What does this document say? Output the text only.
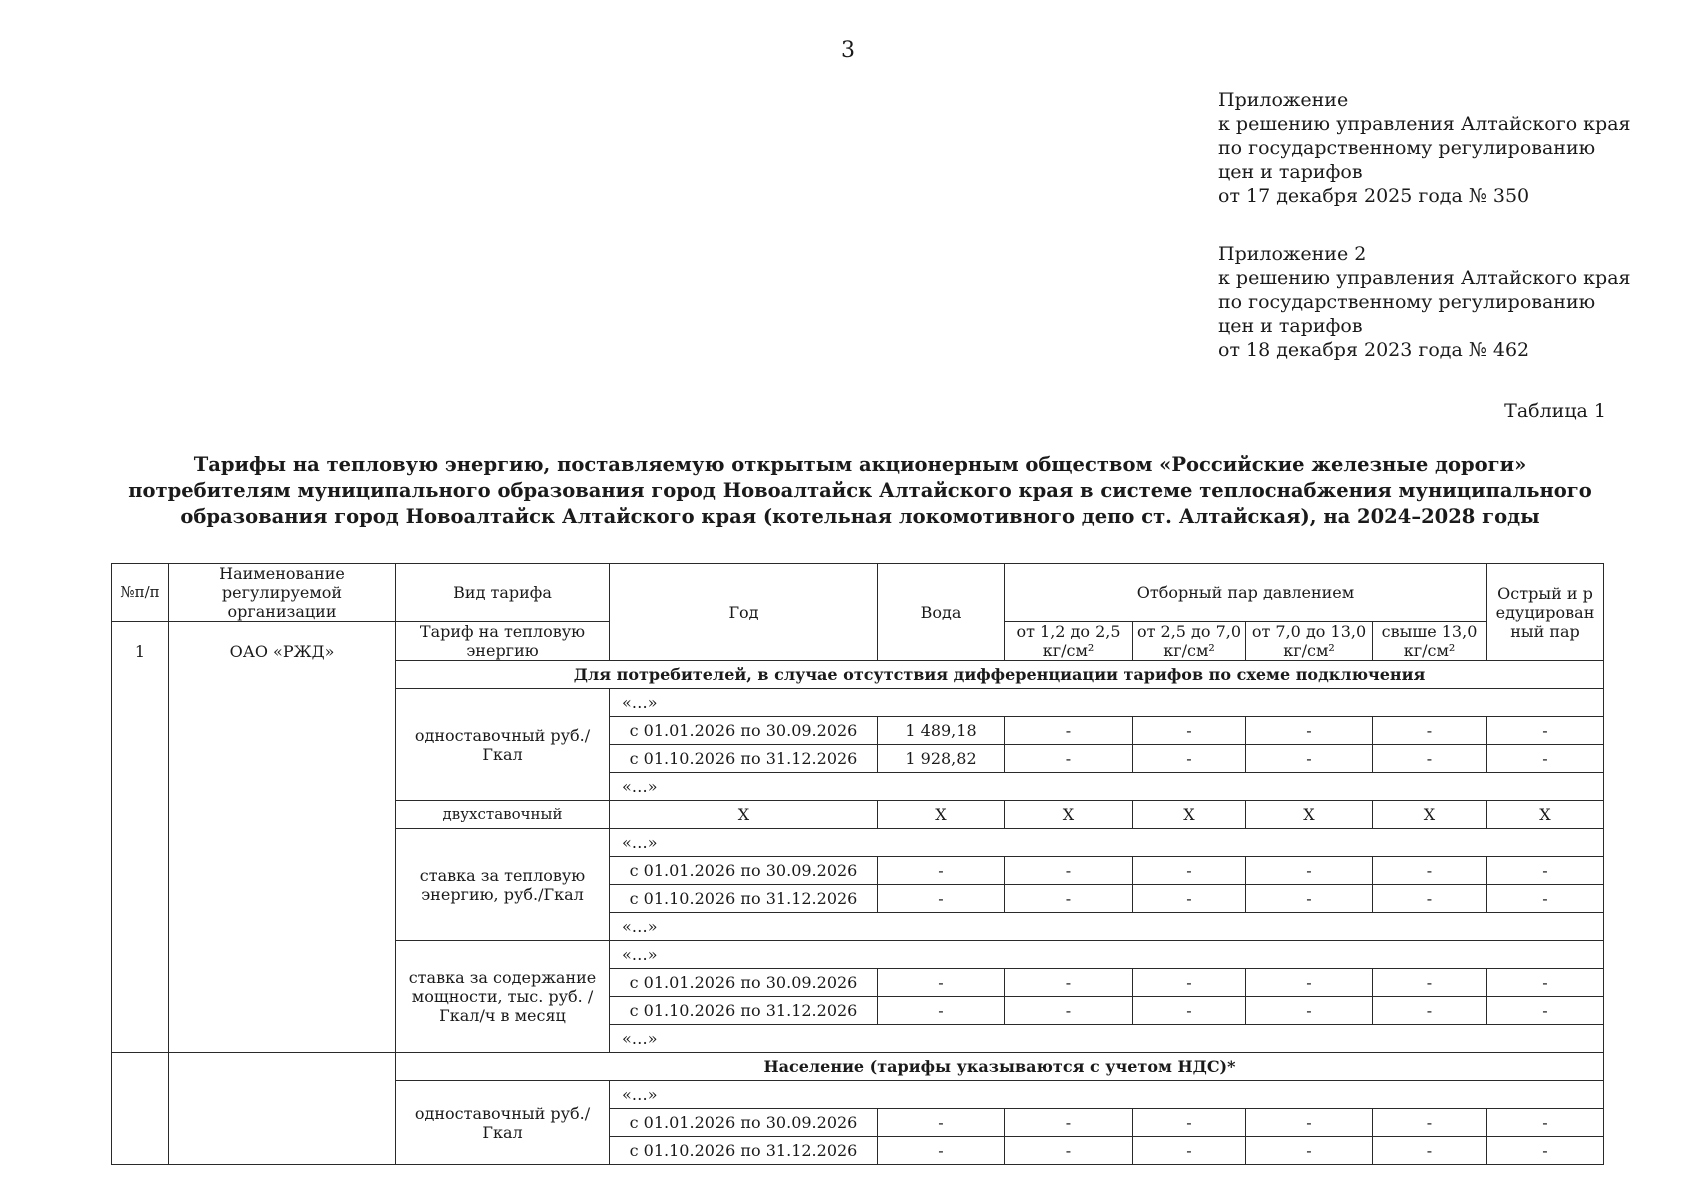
3
Приложение
к решению управления Алтайского края
по государственному регулированию
цен и тарифов
от 17 декабря 2025 года № 350
Приложение 2
к решению управления Алтайского края
по государственному регулированию
цен и тарифов
от 18 декабря 2023 года № 462
Таблица 1
Тарифы на тепловую энергию, поставляемую открытым акционерным обществом «Российские железные дороги» потребителям муниципального образования город Новоалтайск Алтайского края в системе теплоснабжения муниципального образования город Новоалтайск Алтайского края (котельная локомотивного депо ст. Алтайская), на 2024–2028 годы
№п/п	Наименование регулируемой организации	Вид тарифа	Год	Вода	Отборный пар давлением				Острый и редуцированный пар
1	ОАО «РЖД»	Тариф на тепловую энергию			от 1,2 до 2,5 кг/см²	от 2,5 до 7,0 кг/см²	от 7,0 до 13,0 кг/см²	свыше 13,0 кг/см²	
		Для потребителей, в случае отсутствия дифференциации тарифов по схеме подключения							
		одноставочный руб./Гкал	«…»						
			с 01.01.2026 по 30.09.2026	1 489,18	-	-	-	-	-
			с 01.10.2026 по 31.12.2026	1 928,82	-	-	-	-	-
			«…»						
		двухставочный	Х	Х	Х	Х	Х	Х	Х
		ставка за тепловую энергию, руб./Гкал	«…»						
			с 01.01.2026 по 30.09.2026	-	-	-	-	-	-
			с 01.10.2026 по 31.12.2026	-	-	-	-	-	-
			«…»						
		ставка за содержание мощности, тыс. руб. /Гкал/ч в месяц	«…»						
			с 01.01.2026 по 30.09.2026	-	-	-	-	-	-
			с 01.10.2026 по 31.12.2026	-	-	-	-	-	-
			«…»						
		Население (тарифы указываются с учетом НДС)*							
		одноставочный руб./Гкал	«…»						
			с 01.01.2026 по 30.09.2026	-	-	-	-	-	-
			с 01.10.2026 по 31.12.2026	-	-	-	-	-	-
